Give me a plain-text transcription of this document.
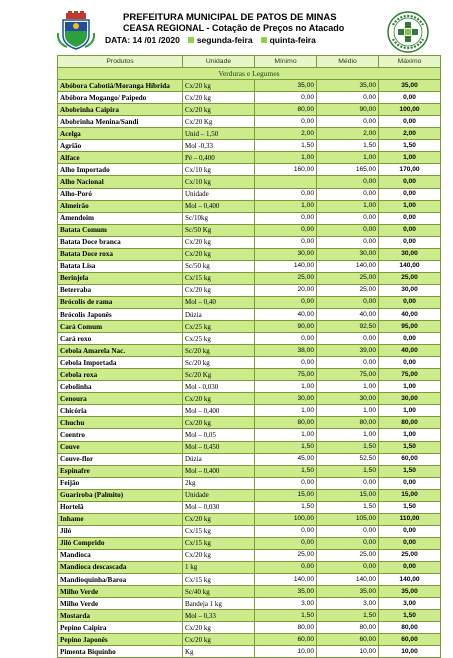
PREFEITURA MUNICIPAL DE PATOS DE MINAS
CEASA REGIONAL - Cotação de Preços no Atacado
DATA: 14 /01 /2020 segunda-feira quinta-feira
Produtos	Unidade	Mínimo	Médio	Máximo
Verduras e Legumes				
Abóbora Cabotiá/Moranga Híbrida	Cx/20 kg	35,00	35,00	35,00
Abóbora Mogango/ Paipedo	Cx/20 kg	0,00	0,00	0,00
Abobrinha Caipira	Cx/20 kg	80,00	90,00	100,00
Abobrinha Menina/Sandi	Cx/20 Kg	0,00	0,00	0,00
Acelga	Unid – 1,50	2,00	2,00	2,00
Agrião	Mol -0,33	1,50	1,50	1,50
Alface	Pé – 0,400	1,00	1,00	1,00
Alho Importado	Cx/10 kg	160,00	165,00	170,00
Alho Nacional	Cx/10 kg		0,00	0,00
Alho-Poró	Unidade	0,00	0,00	0,00
Almeirão	Mol – 0,400	1,00	1,00	1,00
Amendoim	Sc/10kg	0,00	0,00	0,00
Batata Comum	Sc/50 Kg	0,00	0,00	0,00
Batata Doce branca	Cx/20 kg	0,00	0,00	0,00
Batata Doce roxa	Cx/20 kg	30,00	30,00	30,00
Batata Lisa	Sc/50 kg	140,00	140,00	140,00
Berinjela	Cx/15 kg	25,00	25,00	25,00
Beterraba	Cx/20 kg	20,00	25,00	30,00
Brócolis de rama	Mol – 0,40	0,00	0,00	0,00
Brócolis Japonês	Dúzia	40,00	40,00	40,00
Cará Comum	Cx/25 kg	90,00	92,50	95,00
Cará roxo	Cx/25 kg	0,00	0,00	0,00
Cebola Amarela Nac.	Sc/20 kg	38,00	39,00	40,00
Cebola Importada	Sc/20 kg	0,00	0,00	0,00
Cebola roxa	Sc/20 Kg	75,00	75,00	75,00
Cebolinha	Mol - 0,030	1,00	1,00	1,00
Cenoura	Cx/20 kg	30,00	30,00	30,00
Chicória	Mol – 0,400	1,00	1,00	1,00
Chuchu	Cx/20 kg	80,00	80,00	80,00
Coentro	Mol – 0,05	1,00	1,00	1,00
Couve	Mol – 0,450	1,50	1,50	1,50
Couve-flor	Dúzia	45,00	52,50	60,00
Espinafre	Mol – 0,400	1,50	1,50	1,50
Feijão	2kg	0,00	0,00	0,00
Guariroba (Palmito)	Unidade	15,00	15,00	15,00
Hortelã	Mol – 0,030	1,50	1,50	1,50
Inhame	Cx/20 kg	100,00	105,00	110,00
Jiló	Cx/15 kg	0,00	0,00	0,00
Jiló Comprido	Cx/15 kg	0,00	0,00	0,00
Mandioca	Cx/20 kg	25,00	25,00	25,00
Mandioca descascada	1 kg	0,00	0,00	0,00
Mandioquinha/Baroa	Cx/15 kg	140,00	140,00	140,00
Milho Verde	Sc/40 kg	35,00	35,00	35,00
Milho Verde	Bandeja 1 kg	3,00	3,00	3,00
Mostarda	Mol – 0,33	1,50	1,50	1,50
Pepino Caipira	Cx/20 kg	80,00	80,00	80,00
Pepino Japonês	Cx/20 kg	60,00	60,00	60,00
Pimenta Biquinho	Kg	10,00	10,00	10,00
